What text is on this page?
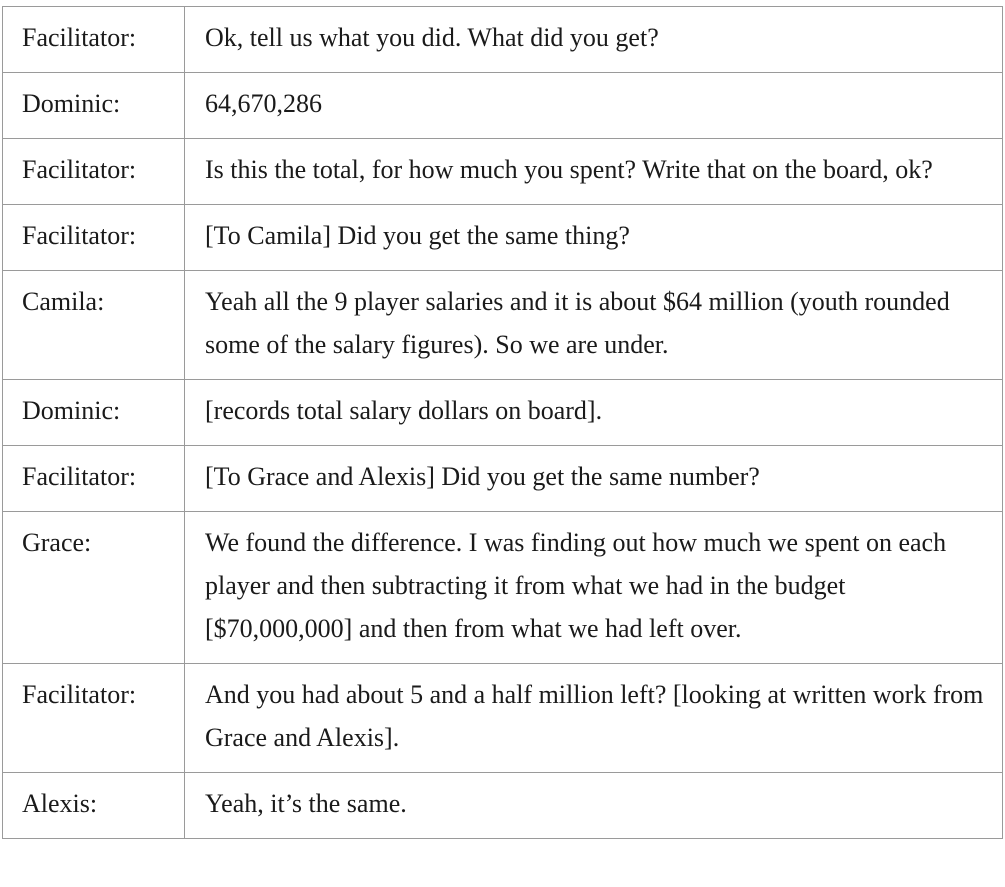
Facilitator:	Ok, tell us what you did. What did you get?
Dominic:	64,670,286
Facilitator:	Is this the total, for how much you spent? Write that on the board, ok?
Facilitator:	[To Camila] Did you get the same thing?
Camila:	Yeah all the 9 player salaries and it is about $64 million (youth rounded some of the salary figures). So we are under.
Dominic:	[records total salary dollars on board].
Facilitator:	[To Grace and Alexis] Did you get the same number?
Grace:	We found the difference. I was finding out how much we spent on each player and then subtracting it from what we had in the budget [$70,000,000] and then from what we had left over.
Facilitator:	And you had about 5 and a half million left? [looking at written work from Grace and Alexis].
Alexis:	Yeah, it’s the same.
